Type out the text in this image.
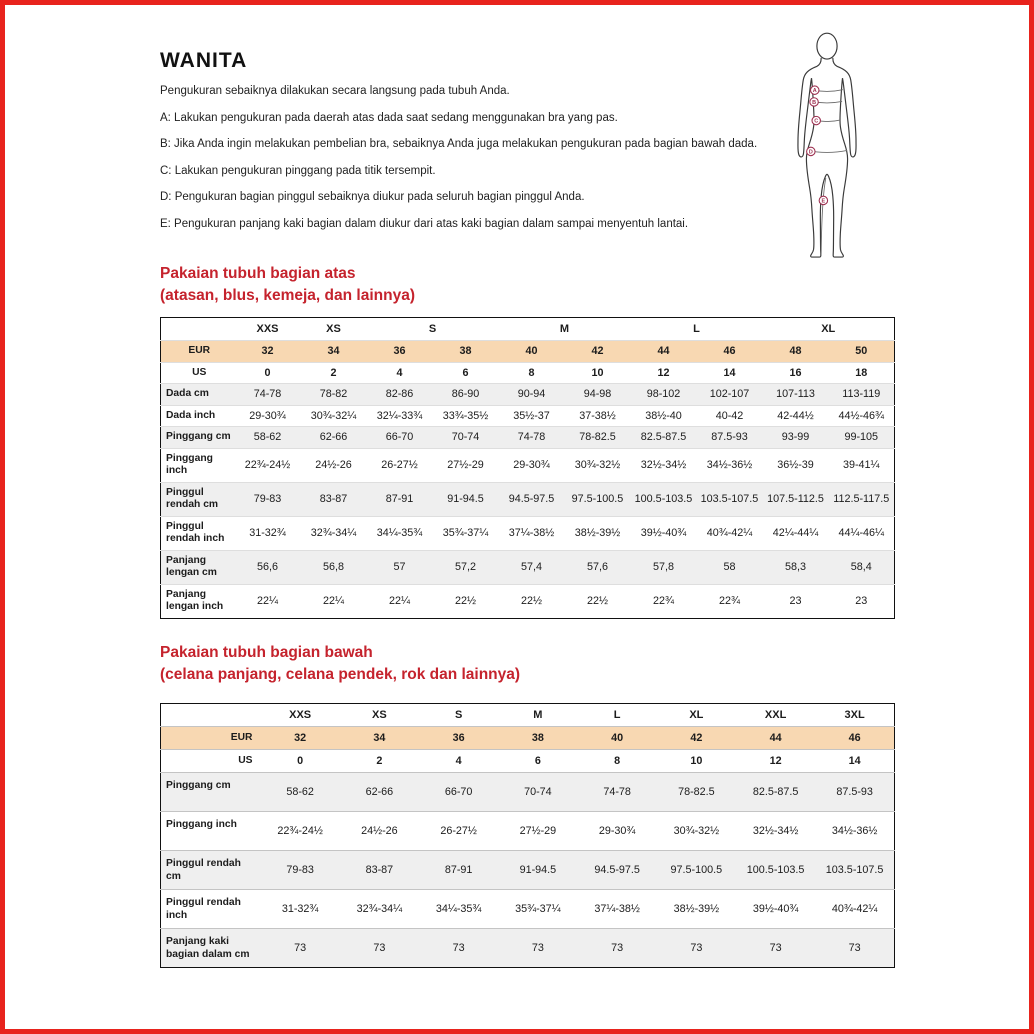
WANITA

Pengukuran sebaiknya dilakukan secara langsung pada tubuh Anda.

A: Lakukan pengukuran pada daerah atas dada saat sedang menggunakan bra yang pas.

B: Jika Anda ingin melakukan pembelian bra, sebaiknya Anda juga melakukan pengukuran pada bagian bawah dada.

C: Lakukan pengukuran pinggang pada titik tersempit.

D: Pengukuran bagian pinggul sebaiknya diukur pada seluruh bagian pinggul Anda.

E: Pengukuran panjang kaki bagian dalam diukur dari atas kaki bagian dalam sampai menyentuh lantai.

A
B
C
D
E
Pakaian tubuh bagian atas
(atasan, blus, kemeja, dan lainnya)
	XXS	XS	S		M		L		XL	
EUR	32	34	36	38	40	42	44	46	48	50
US	0	2	4	6	8	10	12	14	16	18
Dada cm	74-78	78-82	82-86	86-90	90-94	94-98	98-102	102-107	107-113	113-119
Dada inch	29-30¾	30¾-32¼	32¼-33¾	33¾-35½	35½-37	37-38½	38½-40	40-42	42-44½	44½-46¾
Pinggang cm	58-62	62-66	66-70	70-74	74-78	78-82.5	82.5-87.5	87.5-93	93-99	99-105
Pinggang inch	22¾-24½	24½-26	26-27½	27½-29	29-30¾	30¾-32½	32½-34½	34½-36½	36½-39	39-41¼
Pinggul rendah cm	79-83	83-87	87-91	91-94.5	94.5-97.5	97.5-100.5	100.5-103.5	103.5-107.5	107.5-112.5	112.5-117.5
Pinggul rendah inch	31-32¾	32¾-34¼	34¼-35¾	35¾-37¼	37¼-38½	38½-39½	39½-40¾	40¾-42¼	42¼-44¼	44¼-46¼
Panjang lengan cm	56,6	56,8	57	57,2	57,4	57,6	57,8	58	58,3	58,4
Panjang lengan inch	22¼	22¼	22¼	22½	22½	22½	22¾	22¾	23	23
Pakaian tubuh bagian bawah
(celana panjang, celana pendek, rok dan lainnya)
	XXS	XS	S	M	L	XL	XXL	3XL
EUR	32	34	36	38	40	42	44	46
US	0	2	4	6	8	10	12	14
Pinggang cm	58-62	62-66	66-70	70-74	74-78	78-82.5	82.5-87.5	87.5-93
Pinggang inch	22¾-24½	24½-26	26-27½	27½-29	29-30¾	30¾-32½	32½-34½	34½-36½
Pinggul rendah cm	79-83	83-87	87-91	91-94.5	94.5-97.5	97.5-100.5	100.5-103.5	103.5-107.5
Pinggul rendah inch	31-32¾	32¾-34¼	34¼-35¾	35¾-37¼	37¼-38½	38½-39½	39½-40¾	40¾-42¼
Panjang kaki bagian dalam cm	73	73	73	73	73	73	73	73
